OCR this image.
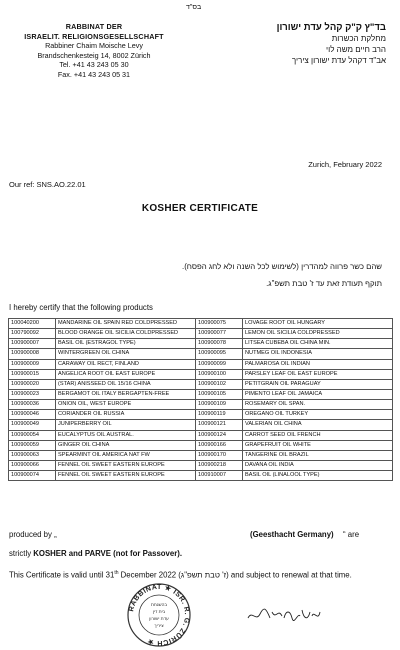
בס"ד
RABBINAT DER
ISRAELIT. RELIGIONSGESELLSCHAFT
Rabbiner Chaim Moische Levy
Brandschenkesteig 14, 8002 Zürich
Tel. +41 43 243 05 30
Fax. +41 43 243 05 31
בד"ץ ק"ק קהל עדת ישורון
מחלקת הכשרות
הרב חיים משה לוי
אב"ד דקהל עדת ישורון ציריך
Zurich, February 2022
Our ref: SNS.AO.22.01
KOSHER CERTIFICATE
שהם כשר פרווה למהדרין (לשימוש לכל השנה ולא לחג הפסח).
תוקף תעודת זאת עד ז' טבת תשפ"ג.
I hereby certify that the following products
100040200	MANDARINE OIL SPAIN RED COLDPRESSED	100900075	LOVAGE ROOT OIL HUNGARY
100790092	BLOOD ORANGE OIL SICILIA COLDPRESSED	100900077	LEMON OIL SICILIA COLDPRESSED
100900007	BASIL OIL (ESTRAGOL TYPE)	100900078	LITSEA CUBEBA OIL CHINA MIN.
100900008	WINTERGREEN OIL CHINA	100900095	NUTMEG OIL INDONESIA
100900009	CARAWAY OIL RECT, FINLAND	100900099	PALMAROSA OIL INDIAN
100900015	ANGELICA ROOT OIL EAST EUROPE	100900100	PARSLEY LEAF OIL EAST EUROPE
100900020	(STAR) ANISSEED OIL 15/16 CHINA	100900102	PETITGRAIN OIL PARAGUAY
100900023	BERGAMOT OIL ITALY BERGAPTEN-FREE	100900105	PIMENTO LEAF OIL JAMAICA
100900036	ONION OIL, WEST EUROPE	100900109	ROSEMARY OIL SPAN.
100900046	CORIANDER OIL RUSSIA	100900119	OREGANO OIL TURKEY
100900049	JUNIPERBERRY OIL	100900121	VALERIAN OIL CHINA
100900054	EUCALYPTUS OIL AUSTRAL.	100900124	CARROT SEED OIL FRENCH
100900059	GINGER OIL CHINA	100900166	GRAPEFRUIT OIL WHITE
100900063	SPEARMINT OIL AMERICA NAT FW	100900170	TANGERINE OIL BRAZIL
100900066	FENNEL OIL SWEET EASTERN EUROPE	100900218	DAVANA OIL INDIA
100900074	FENNEL OIL SWEET EASTERN EUROPE	100910007	BASIL OIL (LINALOOL TYPE)
produced by „	(Geesthacht Germany) “ are
strictly KOSHER and PARVE (not for Passover).
This Certificate is valid until 31th December 2022 (ז' טבת תשפ"ג) and subject to renewal at that time.
RABBINAT ★ ISR. R. G. ZÜRICH ★
בהשגחת
בית דין
עדת ישורון
ציריך
